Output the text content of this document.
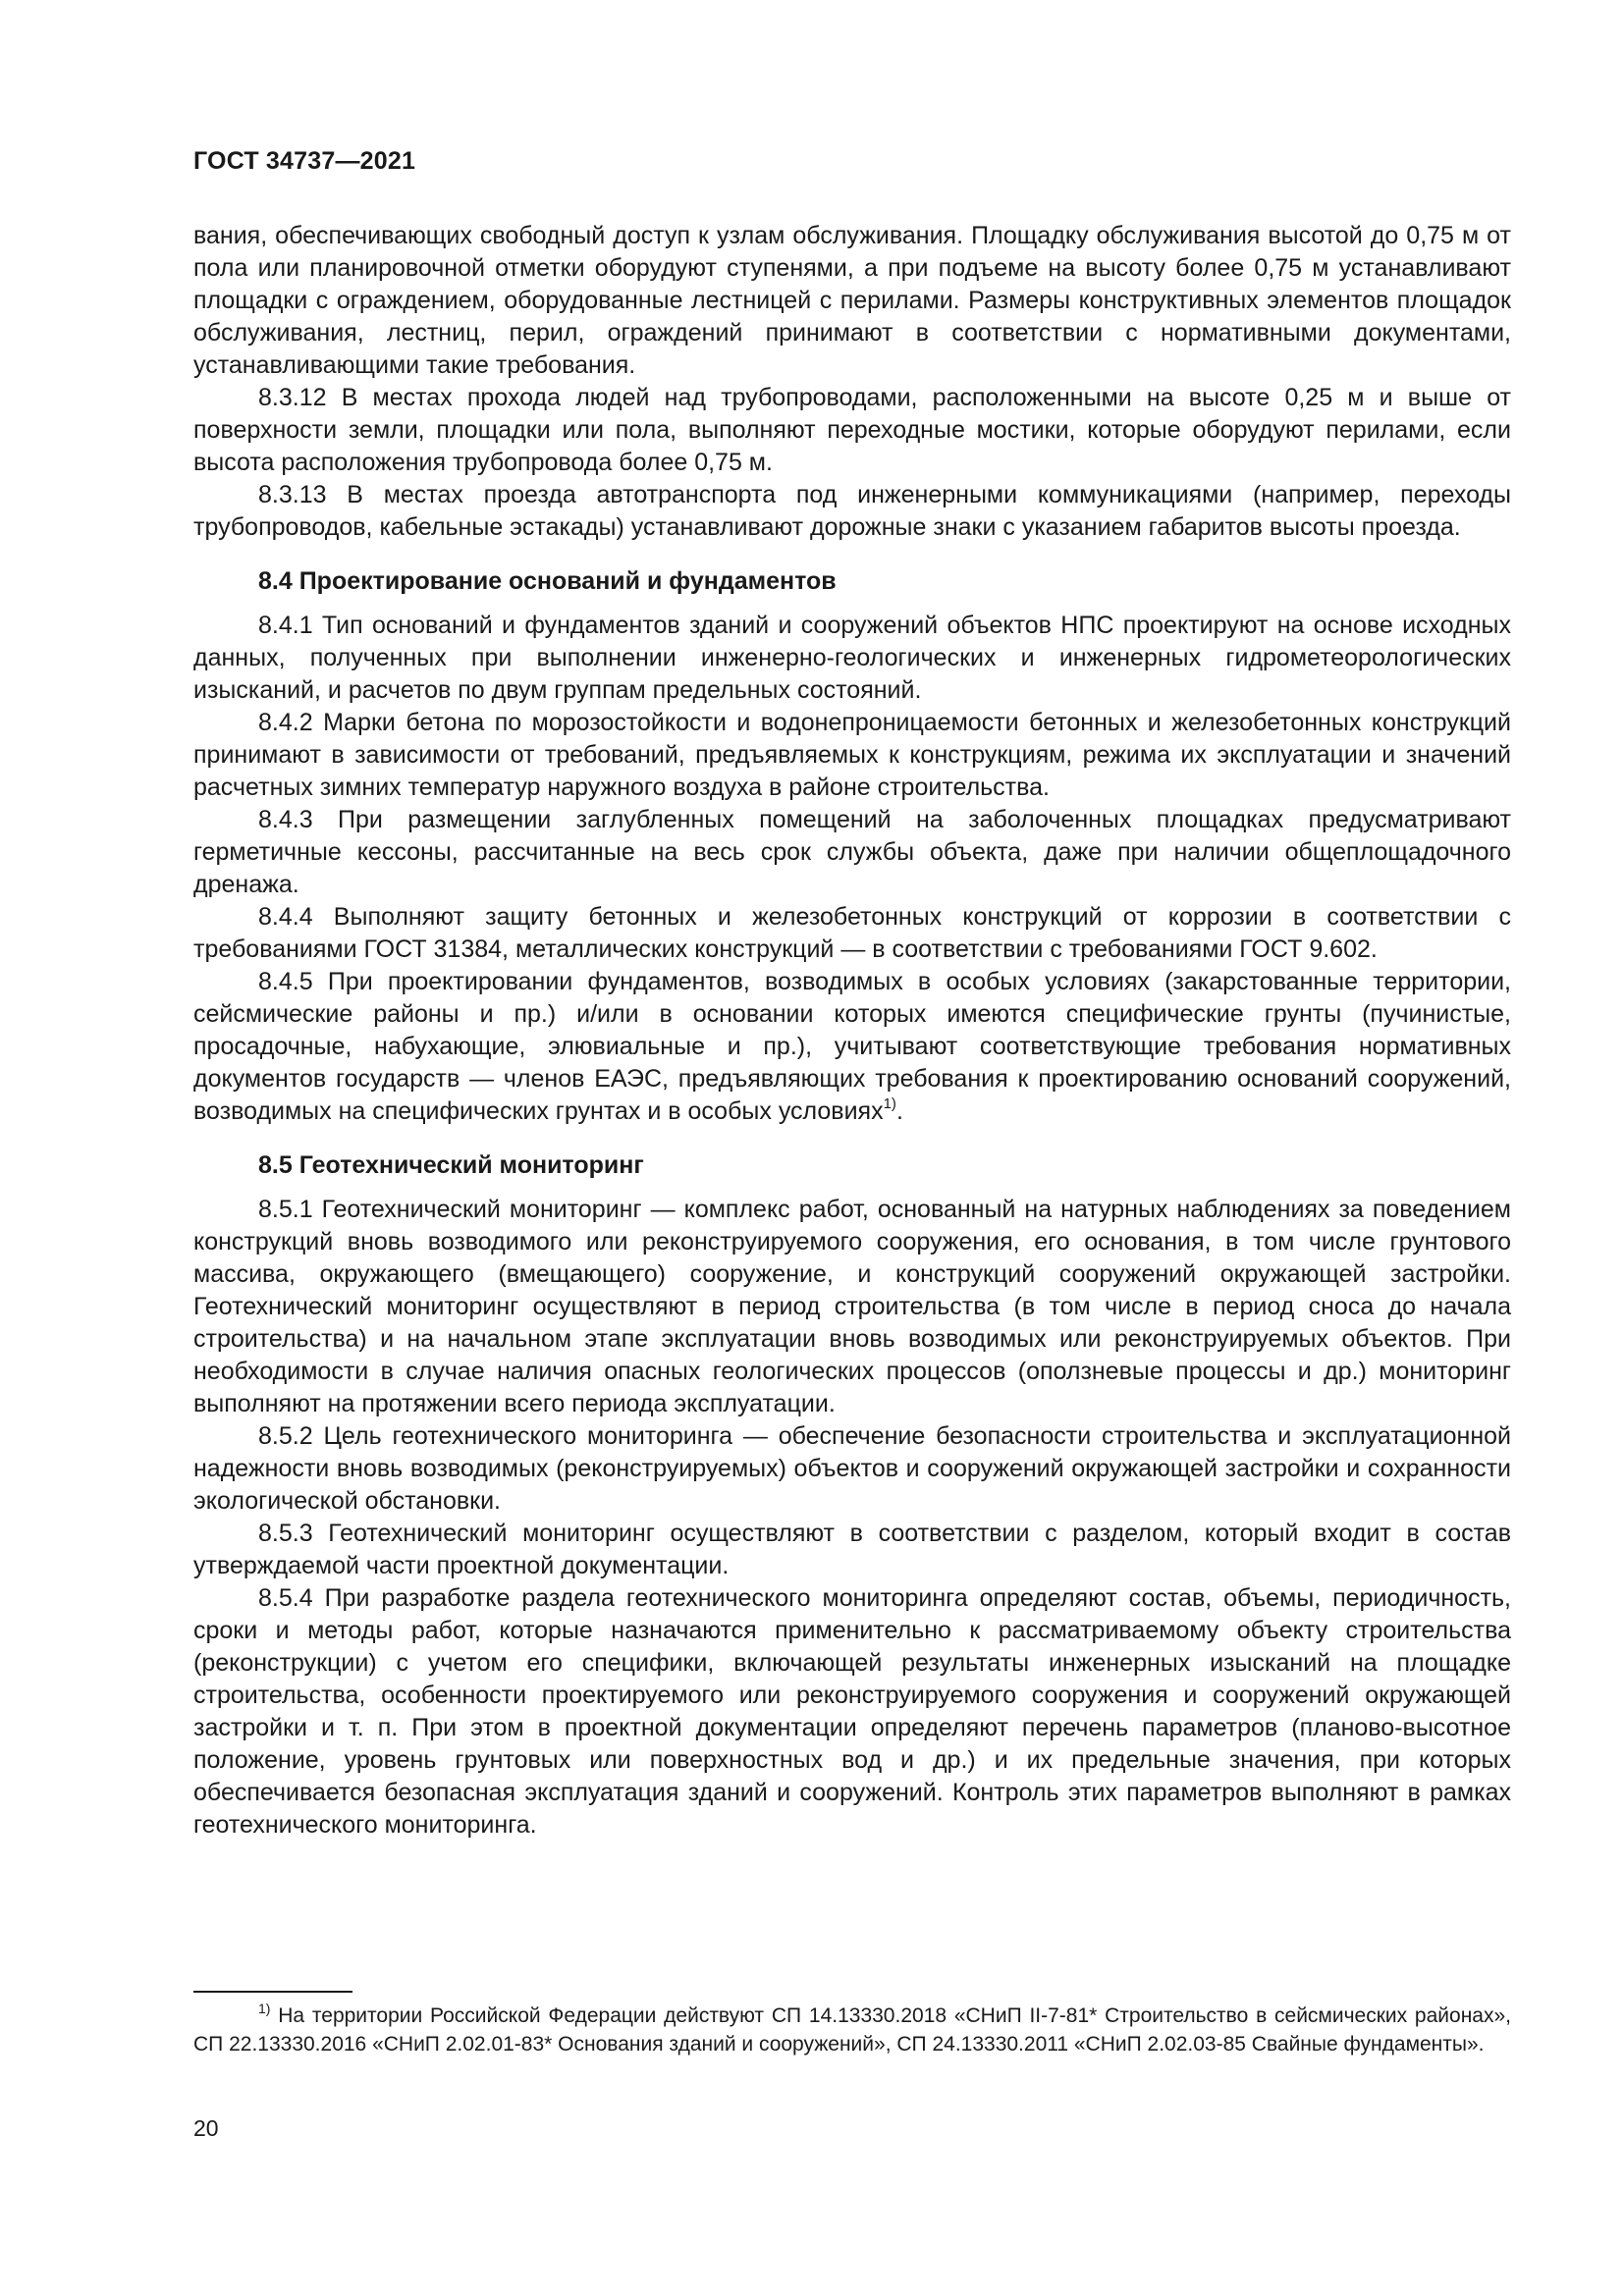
ГОСТ 34737—2021

вания, обеспечивающих свободный доступ к узлам обслуживания. Площадку обслуживания высотой до 0,75 м от пола или планировочной отметки оборудуют ступенями, а при подъеме на высоту более 0,75 м устанавливают площадки с ограждением, оборудованные лестницей с перилами. Размеры конструктивных элементов площадок обслуживания, лестниц, перил, ограждений принимают в соответствии с нормативными документами, устанавливающими такие требования.

8.3.12 В местах прохода людей над трубопроводами, расположенными на высоте 0,25 м и выше от поверхности земли, площадки или пола, выполняют переходные мостики, которые оборудуют перилами, если высота расположения трубопровода более 0,75 м.

8.3.13 В местах проезда автотранспорта под инженерными коммуникациями (например, переходы трубопроводов, кабельные эстакады) устанавливают дорожные знаки с указанием габаритов высоты проезда.

8.4 Проектирование оснований и фундаментов

8.4.1 Тип оснований и фундаментов зданий и сооружений объектов НПС проектируют на основе исходных данных, полученных при выполнении инженерно-геологических и инженерных гидрометеорологических изысканий, и расчетов по двум группам предельных состояний.

8.4.2 Марки бетона по морозостойкости и водонепроницаемости бетонных и железобетонных конструкций принимают в зависимости от требований, предъявляемых к конструкциям, режима их эксплуатации и значений расчетных зимних температур наружного воздуха в районе строительства.

8.4.3 При размещении заглубленных помещений на заболоченных площадках предусматривают герметичные кессоны, рассчитанные на весь срок службы объекта, даже при наличии общеплощадочного дренажа.

8.4.4 Выполняют защиту бетонных и железобетонных конструкций от коррозии в соответствии с требованиями ГОСТ 31384, металлических конструкций — в соответствии с требованиями ГОСТ 9.602.

8.4.5 При проектировании фундаментов, возводимых в особых условиях (закарстованные территории, сейсмические районы и пр.) и/или в основании которых имеются специфические грунты (пучинистые, просадочные, набухающие, элювиальные и пр.), учитывают соответствующие требования нормативных документов государств — членов ЕАЭС, предъявляющих требования к проектированию оснований сооружений, возводимых на специфических грунтах и в особых условиях$^{1)}$.

8.5 Геотехнический мониторинг

8.5.1 Геотехнический мониторинг — комплекс работ, основанный на натурных наблюдениях за поведением конструкций вновь возводимого или реконструируемого сооружения, его основания, в том числе грунтового массива, окружающего (вмещающего) сооружение, и конструкций сооружений окружающей застройки. Геотехнический мониторинг осуществляют в период строительства (в том числе в период сноса до начала строительства) и на начальном этапе эксплуатации вновь возводимых или реконструируемых объектов. При необходимости в случае наличия опасных геологических процессов (оползневые процессы и др.) мониторинг выполняют на протяжении всего периода эксплуатации.

8.5.2 Цель геотехнического мониторинга — обеспечение безопасности строительства и эксплуатационной надежности вновь возводимых (реконструируемых) объектов и сооружений окружающей застройки и сохранности экологической обстановки.

8.5.3 Геотехнический мониторинг осуществляют в соответствии с разделом, который входит в состав утверждаемой части проектной документации.

8.5.4 При разработке раздела геотехнического мониторинга определяют состав, объемы, периодичность, сроки и методы работ, которые назначаются применительно к рассматриваемому объекту строительства (реконструкции) с учетом его специфики, включающей результаты инженерных изысканий на площадке строительства, особенности проектируемого или реконструируемого сооружения и сооружений окружающей застройки и т. п. При этом в проектной документации определяют перечень параметров (планово-высотное положение, уровень грунтовых или поверхностных вод и др.) и их предельные значения, при которых обеспечивается безопасная эксплуатация зданий и сооружений. Контроль этих параметров выполняют в рамках геотехнического мониторинга.

$^{1)}$ На территории Российской Федерации действуют СП 14.13330.2018 «СНиП II-7-81* Строительство в сейсмических районах», СП 22.13330.2016 «СНиП 2.02.01-83* Основания зданий и сооружений», СП 24.13330.2011 «СНиП 2.02.03-85 Свайные фундаменты».

20
